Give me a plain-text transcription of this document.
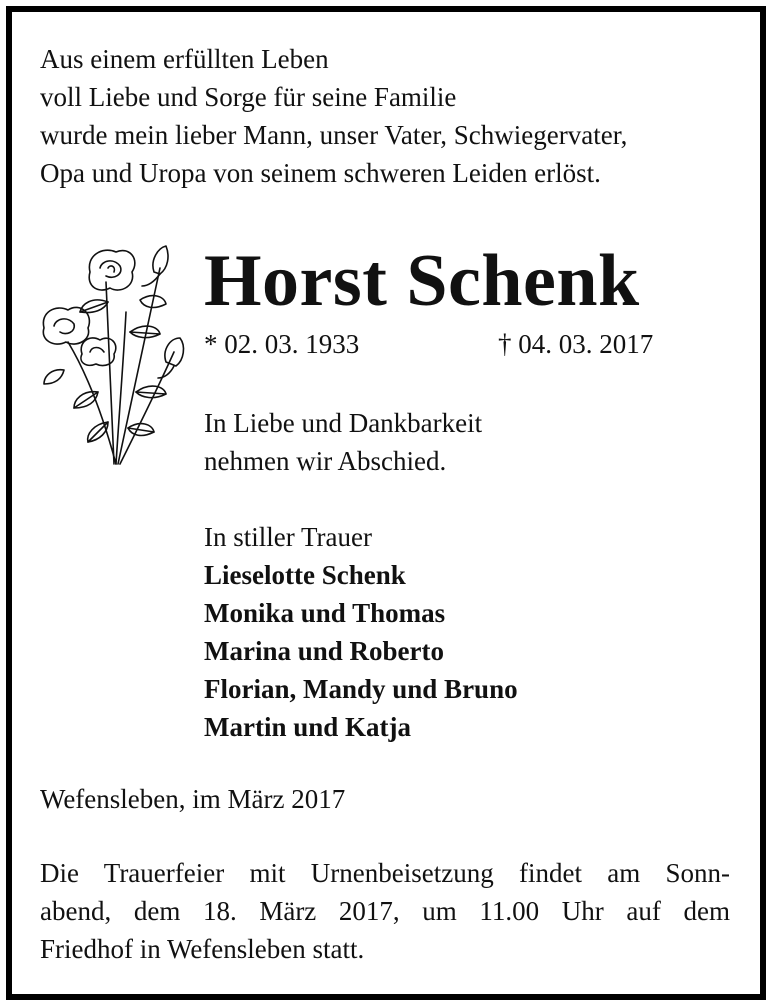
Aus einem erfüllten Leben
voll Liebe und Sorge für seine Familie
wurde mein lieber Mann, unser Vater, Schwiegervater,
Opa und Uropa von seinem schweren Leiden erlöst.
Horst Schenk
* 02. 03. 1933	† 04. 03. 2017
In Liebe und Dankbarkeit
nehmen wir Abschied.
In stiller Trauer
Lieselotte Schenk
Monika und Thomas
Marina und Roberto
Florian, Mandy und Bruno
Martin und Katja
Wefensleben, im März 2017
Die Trauerfeier mit Urnenbeisetzung findet am Sonn-
abend, dem 18. März 2017, um 11.00 Uhr auf dem
Friedhof in Wefensleben statt.
